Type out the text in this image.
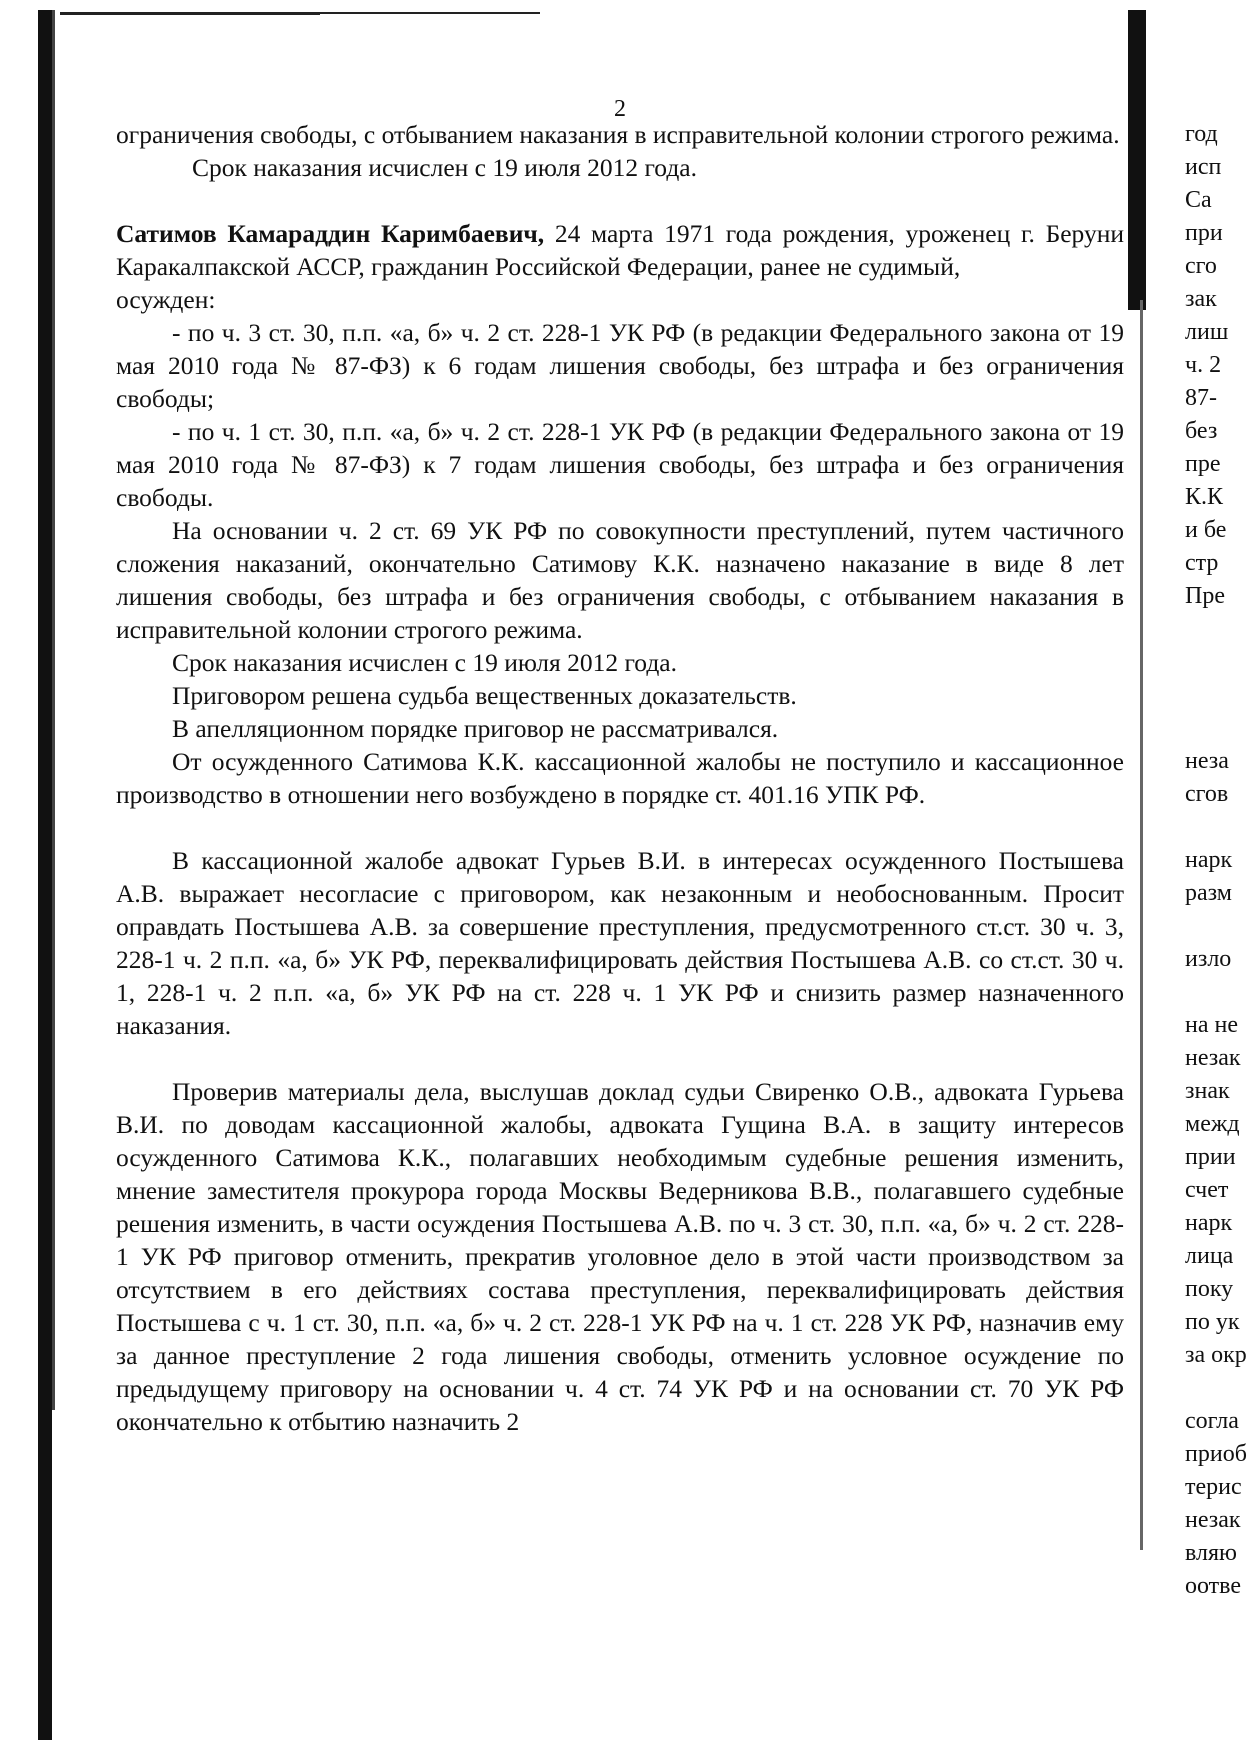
2

ограничения свободы, с отбыванием наказания в исправительной колонии строгого режима.

Срок наказания исчислен с 19 июля 2012 года.

Сатимов Камараддин Каримбаевич, 24 марта 1971 года рождения, уроженец г. Беруни Каракалпакской АССР, гражданин Российской Федерации, ранее не судимый,

осужден:

- по ч. 3 ст. 30, п.п. «а, б» ч. 2 ст. 228-1 УК РФ (в редакции Федерального закона от 19 мая 2010 года № 87-ФЗ) к 6 годам лишения свободы, без штрафа и без ограничения свободы;

- по ч. 1 ст. 30, п.п. «а, б» ч. 2 ст. 228-1 УК РФ (в редакции Федерального закона от 19 мая 2010 года № 87-ФЗ) к 7 годам лишения свободы, без штрафа и без ограничения свободы.

На основании ч. 2 ст. 69 УК РФ по совокупности преступлений, путем частичного сложения наказаний, окончательно Сатимову К.К. назначено наказание в виде 8 лет лишения свободы, без штрафа и без ограничения свободы, с отбыванием наказания в исправительной колонии строгого режима.

Срок наказания исчислен с 19 июля 2012 года.

Приговором решена судьба вещественных доказательств.

В апелляционном порядке приговор не рассматривался.

От осужденного Сатимова К.К. кассационной жалобы не поступило и кассационное производство в отношении него возбуждено в порядке ст. 401.16 УПК РФ.

В кассационной жалобе адвокат Гурьев В.И. в интересах осужденного Постышева А.В. выражает несогласие с приговором, как незаконным и необоснованным. Просит оправдать Постышева А.В. за совершение преступления, предусмотренного ст.ст. 30 ч. 3, 228-1 ч. 2 п.п. «а, б» УК РФ, переквалифицировать действия Постышева А.В. со ст.ст. 30 ч. 1, 228-1 ч. 2 п.п. «а, б» УК РФ на ст. 228 ч. 1 УК РФ и снизить размер назначенного наказания.

Проверив материалы дела, выслушав доклад судьи Свиренко О.В., адвоката Гурьева В.И. по доводам кассационной жалобы, адвоката Гущина В.А. в защиту интересов осужденного Сатимова К.К., полагавших необходимым судебные решения изменить, мнение заместителя прокурора города Москвы Ведерникова В.В., полагавшего судебные решения изменить, в части осуждения Постышева А.В. по ч. 3 ст. 30, п.п. «а, б» ч. 2 ст. 228-1 УК РФ приговор отменить, прекратив уголовное дело в этой части производством за отсутствием в его действиях состава преступления, переквалифицировать действия Постышева с ч. 1 ст. 30, п.п. «а, б» ч. 2 ст. 228-1 УК РФ на ч. 1 ст. 228 УК РФ, назначив ему за данное преступление 2 года лишения свободы, отменить условное осуждение по предыдущему приговору на основании ч. 4 ст. 74 УК РФ и на основании ст. 70 УК РФ окончательно к отбытию назначить 2

год
исп
Са
при
сго
зак
лиш
ч. 2
87-
без
пре
К.К
и бе
стр
Пре
неза
сгов
нарк
разм
изло
на не
незак
знак
межд
прии
счет
нарк
лица
поку
по ук
за окр
согла
приоб
терис
незак
вляю
оотве
